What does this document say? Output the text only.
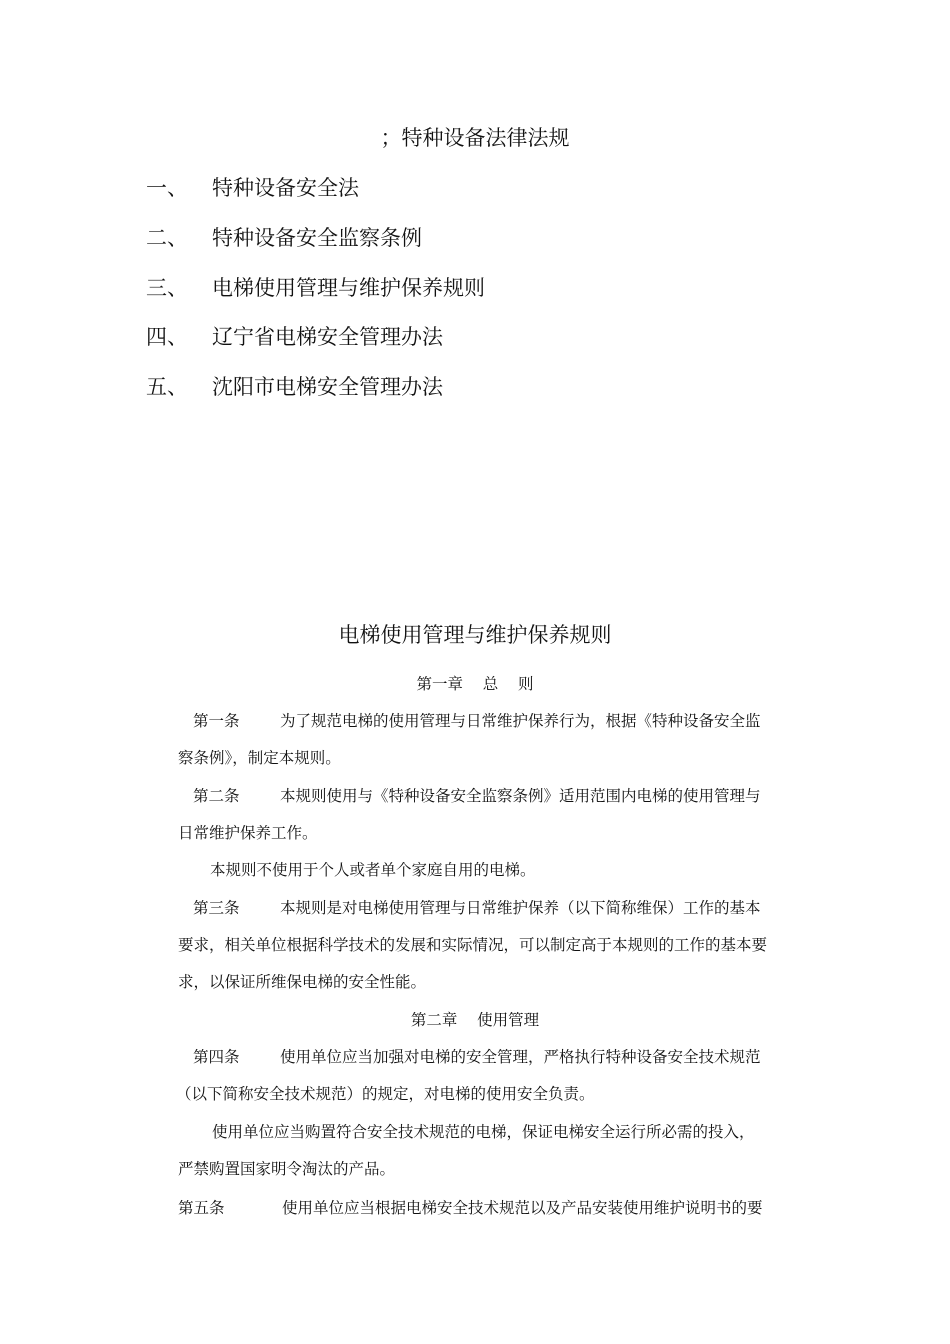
；特种设备法律法规
一、 特种设备安全法
二、 特种设备安全监察条例
三、 电梯使用管理与维护保养规则
四、 辽宁省电梯安全管理办法
五、 沈阳市电梯安全管理办法
电梯使用管理与维护保养规则
第一章    总    则
第一条	为了规范电梯的使用管理与日常维护保养行为，根据《特种设备安全监
察条例》，制定本规则。
第二条	本规则使用与《特种设备安全监察条例》适用范围内电梯的使用管理与
日常维护保养工作。
本规则不使用于个人或者单个家庭自用的电梯。
第三条	本规则是对电梯使用管理与日常维护保养（以下简称维保）工作的基本
要求，相关单位根据科学技术的发展和实际情况，可以制定高于本规则的工作的基本要
求，以保证所维保电梯的安全性能。
第二章    使用管理
第四条	使用单位应当加强对电梯的安全管理，严格执行特种设备安全技术规范
（以下简称安全技术规范）的规定，对电梯的使用安全负责。
使用单位应当购置符合安全技术规范的电梯，保证电梯安全运行所必需的投入，
严禁购置国家明令淘汰的产品。
第五条	使用单位应当根据电梯安全技术规范以及产品安装使用维护说明书的要
